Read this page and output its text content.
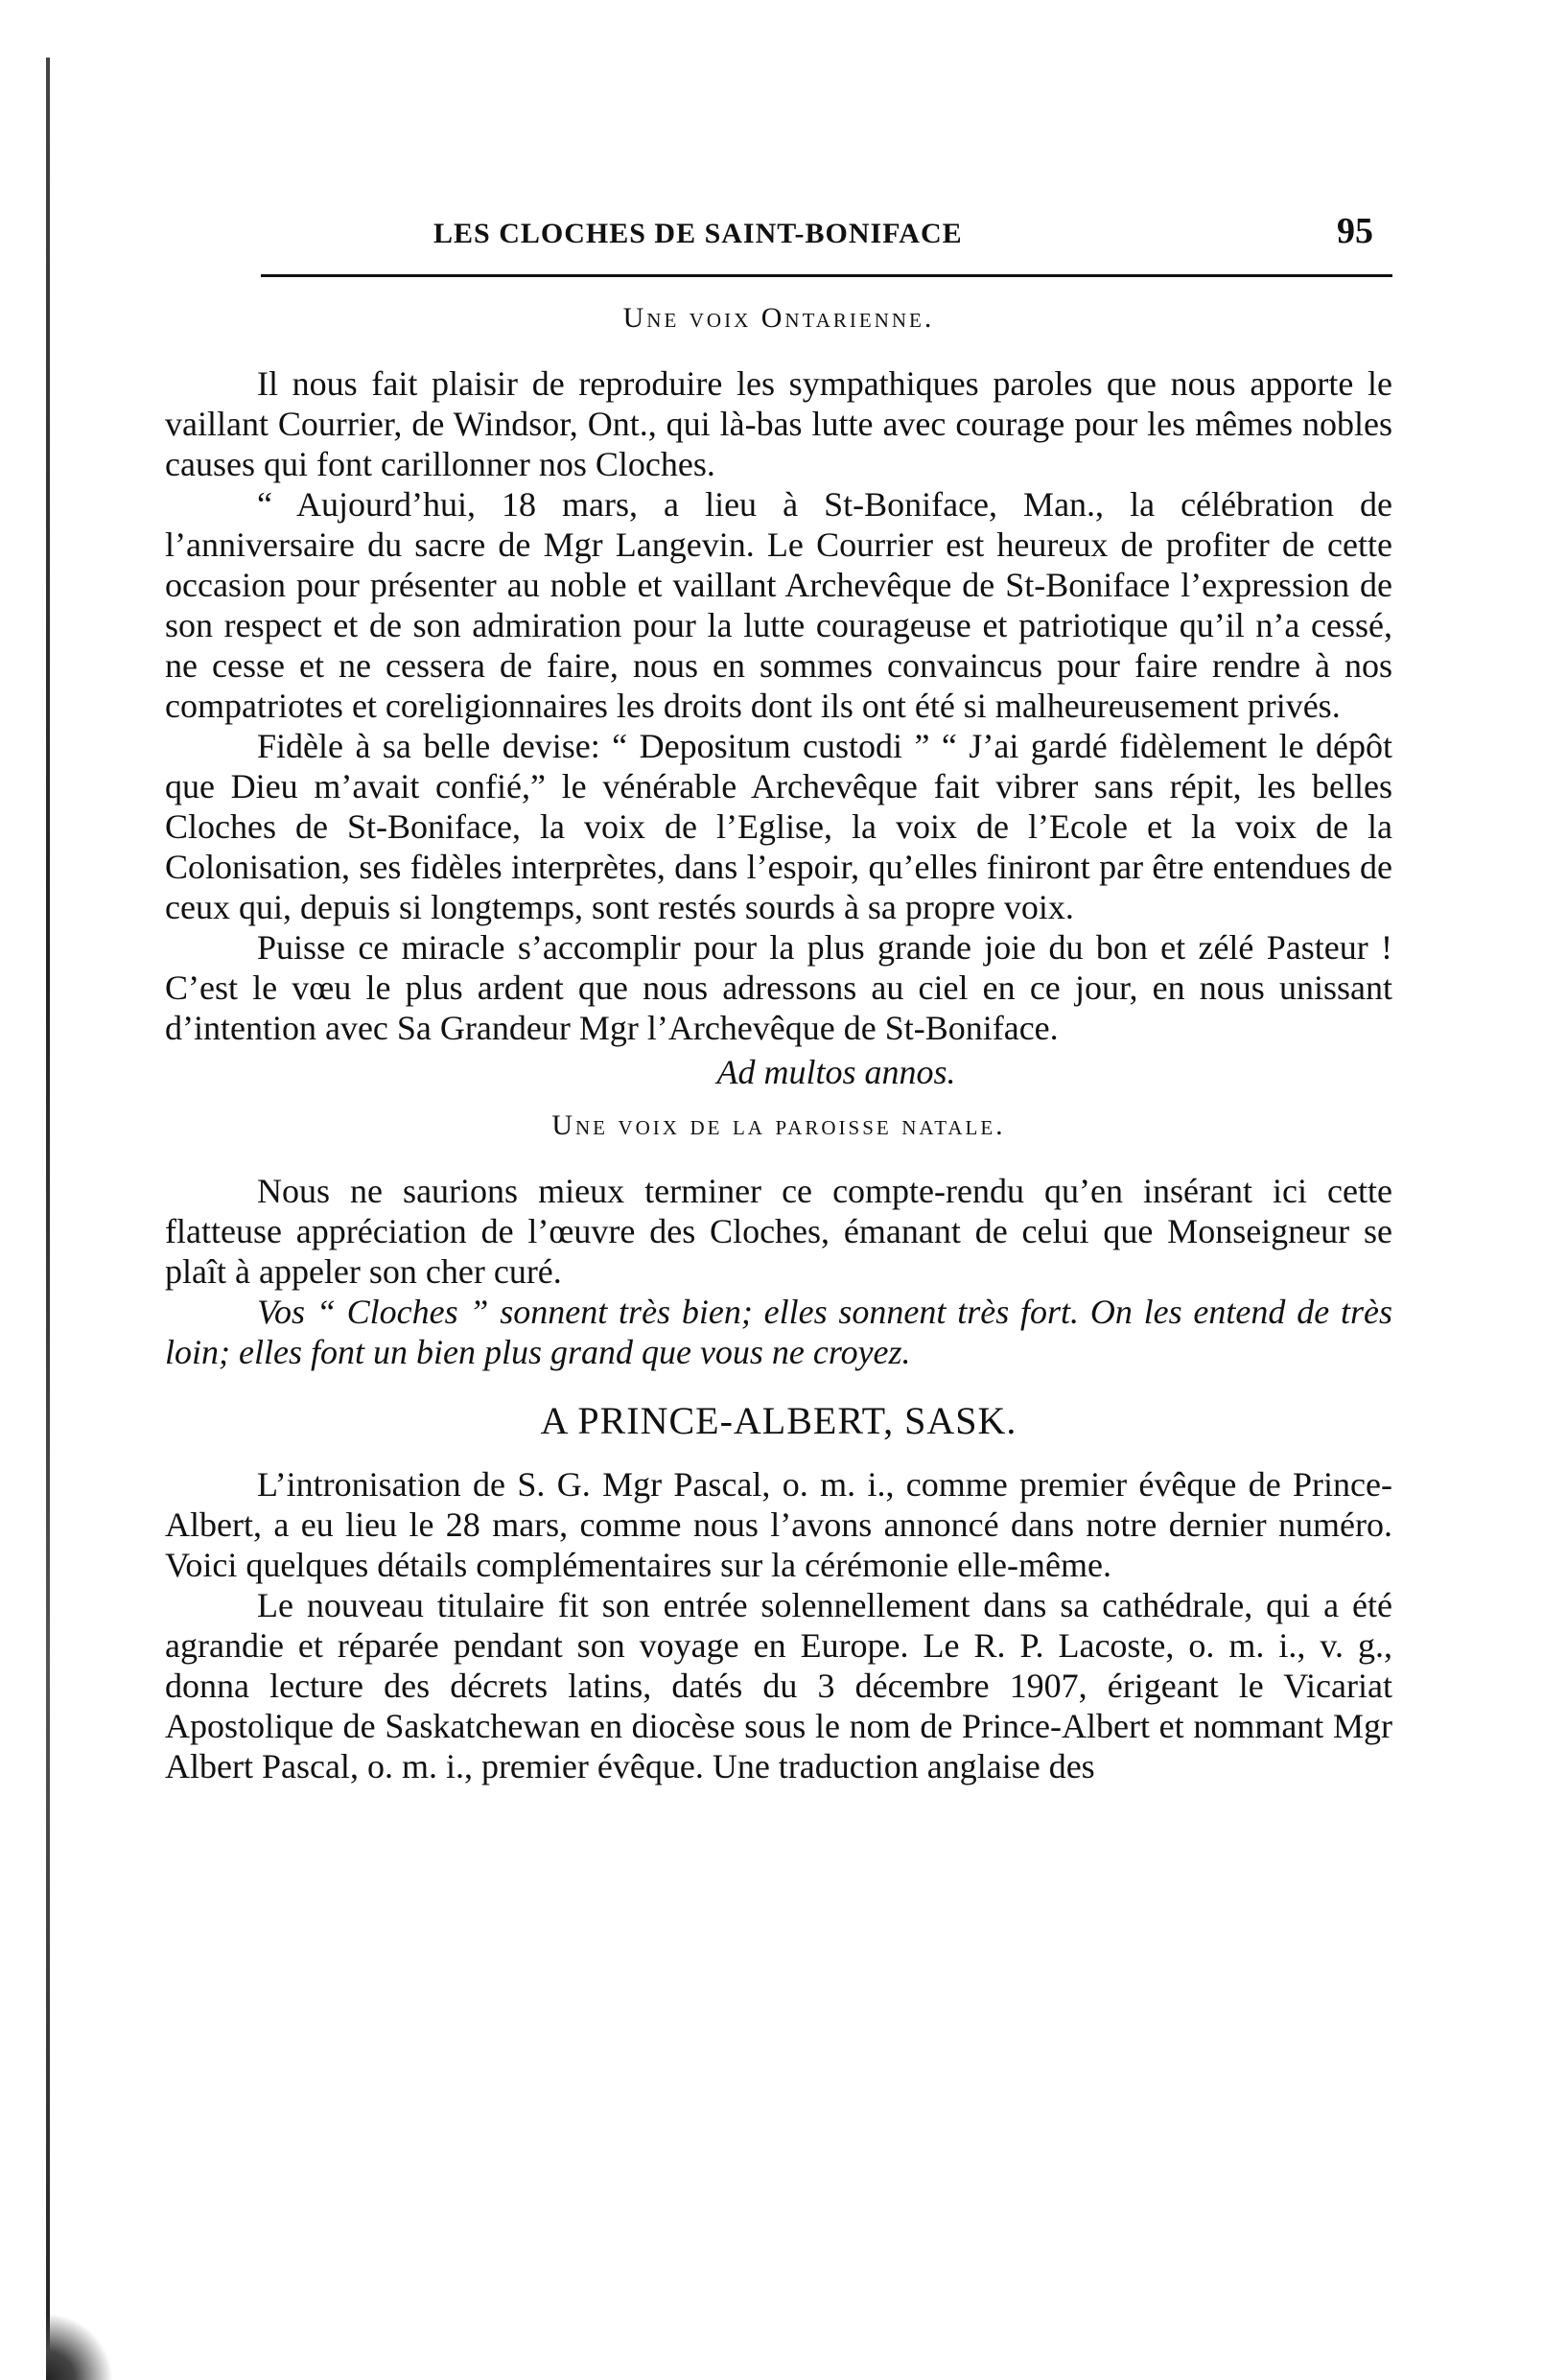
LES CLOCHES DE SAINT-BONIFACE	95
Une voix Ontarienne.

Il nous fait plaisir de reproduire les sympathiques paroles que nous apporte le vaillant Courrier, de Windsor, Ont., qui là-bas lutte avec courage pour les mêmes nobles causes qui font carillonner nos Cloches.

“ Aujourd’hui, 18 mars, a lieu à St-Boniface, Man., la célébration de l’anniversaire du sacre de Mgr Langevin. Le Courrier est heureux de profiter de cette occasion pour présenter au noble et vaillant Archevêque de St-Boniface l’expression de son respect et de son admiration pour la lutte courageuse et patriotique qu’il n’a cessé, ne cesse et ne cessera de faire, nous en sommes convaincus pour faire rendre à nos compatriotes et coreligionnaires les droits dont ils ont été si malheureusement privés.

Fidèle à sa belle devise: “ Depositum custodi ” “ J’ai gardé fidèlement le dépôt que Dieu m’avait confié,” le vénérable Archevêque fait vibrer sans répit, les belles Cloches de St-Boniface, la voix de l’Eglise, la voix de l’Ecole et la voix de la Colonisation, ses fidèles interprètes, dans l’espoir, qu’elles finiront par être entendues de ceux qui, depuis si longtemps, sont restés sourds à sa propre voix.

Puisse ce miracle s’accomplir pour la plus grande joie du bon et zélé Pasteur ! C’est le vœu le plus ardent que nous adressons au ciel en ce jour, en nous unissant d’intention avec Sa Grandeur Mgr l’Archevêque de St-Boniface.

Ad multos annos.
Une voix de la paroisse natale.

Nous ne saurions mieux terminer ce compte-rendu qu’en insérant ici cette flatteuse appréciation de l’œuvre des Cloches, émanant de celui que Monseigneur se plaît à appeler son cher curé.

Vos “ Cloches ” sonnent très bien; elles sonnent très fort. On les entend de très loin; elles font un bien plus grand que vous ne croyez.

A PRINCE-ALBERT, SASK.

L’intronisation de S. G. Mgr Pascal, o. m. i., comme premier évêque de Prince-Albert, a eu lieu le 28 mars, comme nous l’avons annoncé dans notre dernier numéro. Voici quelques détails complémentaires sur la cérémonie elle-même.

Le nouveau titulaire fit son entrée solennellement dans sa cathédrale, qui a été agrandie et réparée pendant son voyage en Europe. Le R. P. Lacoste, o. m. i., v. g., donna lecture des décrets latins, datés du 3 décembre 1907, érigeant le Vicariat Apostolique de Saskatchewan en diocèse sous le nom de Prince-Albert et nommant Mgr Albert Pascal, o. m. i., premier évêque. Une traduction anglaise des
